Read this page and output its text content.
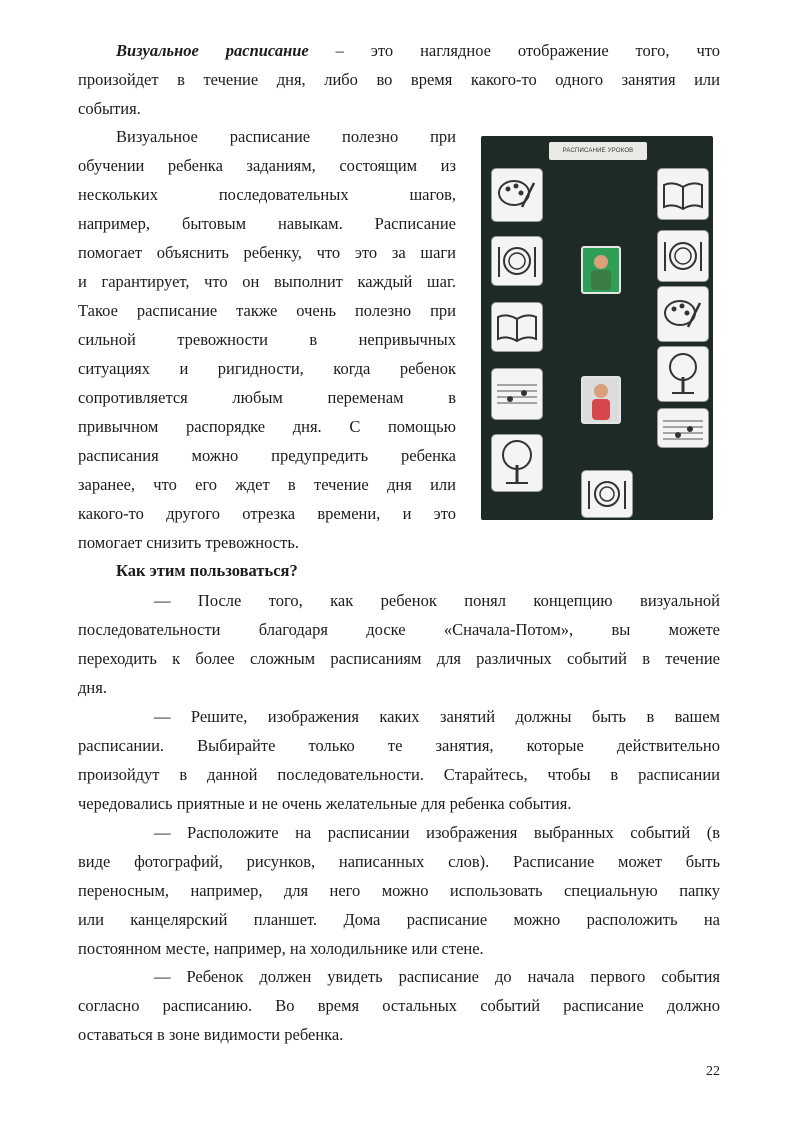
Визуальное расписание – это наглядное отображение того, что
произойдет в течение дня, либо во время какого-то одного занятия или
события.
Визуальное расписание полезно при
обучении ребенка заданиям, состоящим из
нескольких последовательных шагов,
например, бытовым навыкам. Расписание
помогает объяснить ребенку, что это за шаги
и гарантирует, что он выполнит каждый шаг.
Такое расписание также очень полезно при
сильной тревожности в непривычных
ситуациях и ригидности, когда ребенок
сопротивляется любым переменам в
привычном распорядке дня. С помощью
расписания можно предупредить ребенка
заранее, что его ждет в течение дня или
какого-то другого отрезка времени, и это
помогает снизить тревожность.
РАСПИСАНИЕ УРОКОВ
Как этим пользоваться?
— После того, как ребенок понял концепцию визуальной
последовательности благодаря доске «Сначала-Потом», вы можете
переходить к более сложным расписаниям для различных событий в течение
дня.
— Решите, изображения каких занятий должны быть в вашем
расписании. Выбирайте только те занятия, которые действительно
произойдут в данной последовательности. Старайтесь, чтобы в расписании
чередовались приятные и не очень желательные для ребенка события.
— Расположите на расписании изображения выбранных событий (в
виде фотографий, рисунков, написанных слов). Расписание может быть
переносным, например, для него можно использовать специальную папку
или канцелярский планшет. Дома расписание можно расположить на
постоянном месте, например, на холодильнике или стене.
— Ребенок должен увидеть расписание до начала первого события
согласно расписанию. Во время остальных событий расписание должно
оставаться в зоне видимости ребенка.
22
